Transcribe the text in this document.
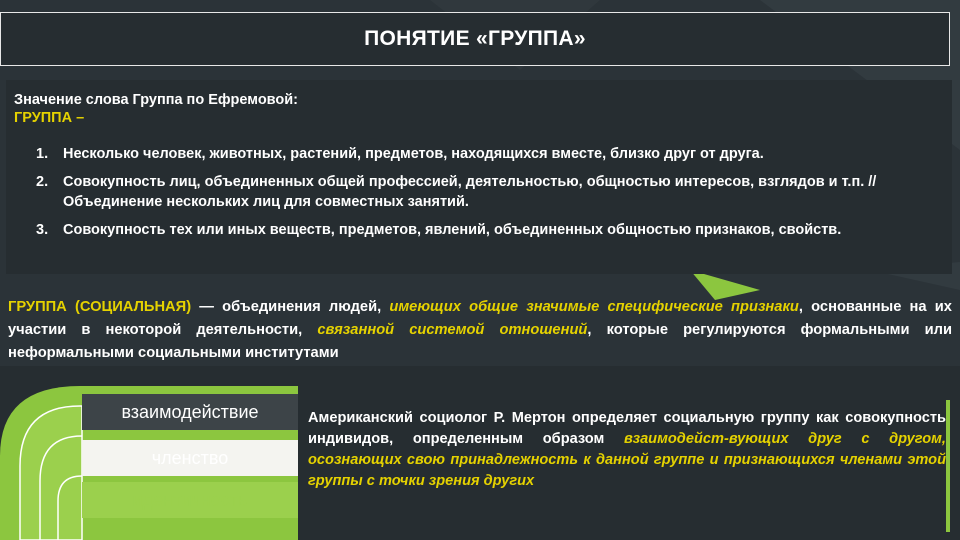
ПОНЯТИЕ «ГРУППА»
Значение слова Группа по Ефремовой:
ГРУППА –
1.	Несколько человек, животных, растений, предметов, находящихся вместе, близко друг от друга.
2.	Совокупность лиц, объединенных общей профессией, деятельностью, общностью интересов, взглядов и т.п. // Объединение нескольких лиц для совместных занятий.
3.	Совокупность тех или иных веществ, предметов, явлений, объединенных общностью признаков, свойств.
ГРУППА (СОЦИАЛЬНАЯ) — объединения людей, имеющих общие значимые специфические признаки, основанные на их участии в некоторой деятельности, связанной системой отношений, которые регулируются формальными или неформальными социальными институтами
взаимодействие
членство
идентичность
Американский социолог Р. Мертон определяет социальную группу как совокупность индивидов, определенным образом взаимодейст-вующих друг с другом, осознающих свою принадлежность к данной группе и признающихся членами этой группы с точки зрения других
